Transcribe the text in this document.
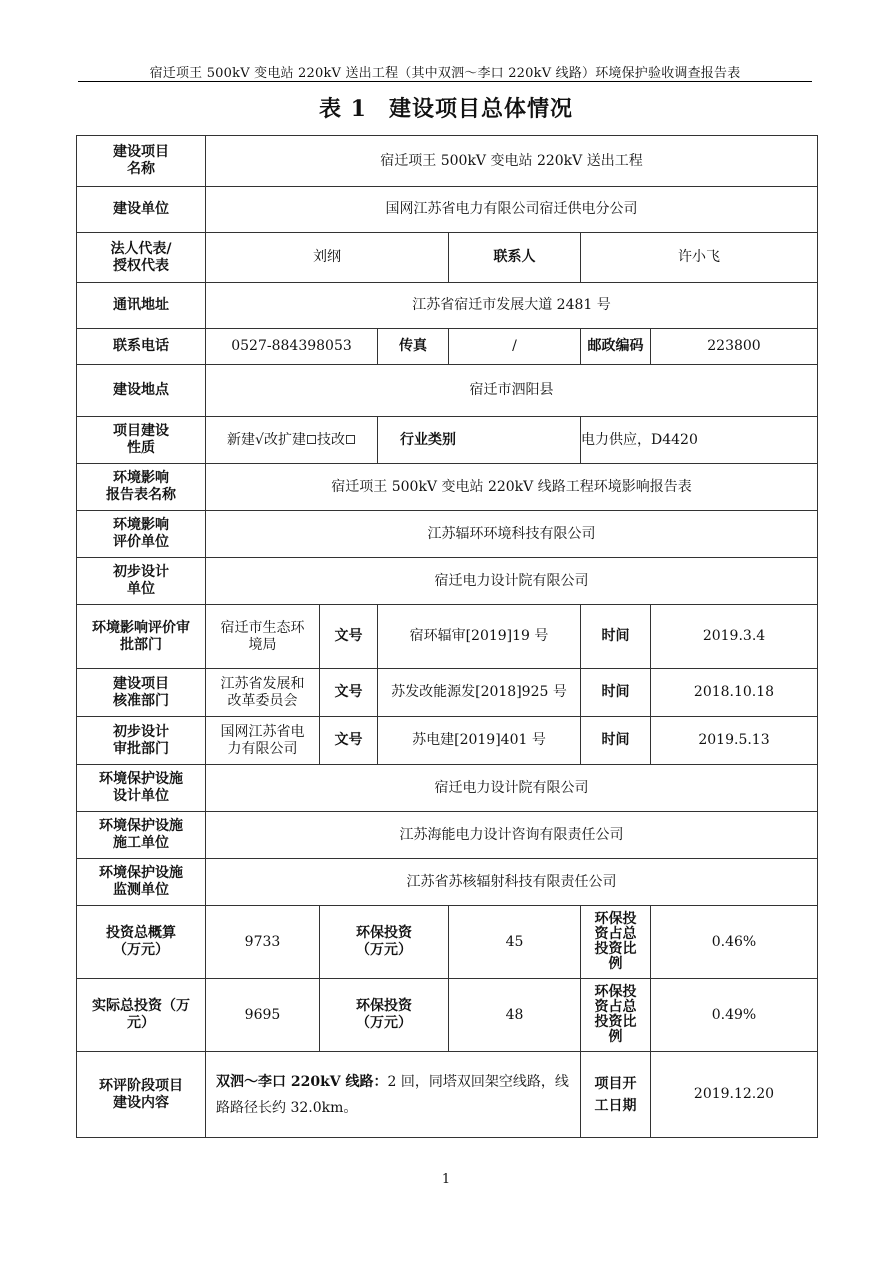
宿迁项王 500kV 变电站 220kV 送出工程（其中双泗～李口 220kV 线路）环境保护验收调查报告表
表 1 建设项目总体情况
建设项目
名称	宿迁项王 500kV 变电站 220kV 送出工程					
建设单位	国网江苏省电力有限公司宿迁供电分公司					
法人代表/
授权代表	刘纲			联系人	许小飞	
通讯地址	江苏省宿迁市发展大道 2481 号					
联系电话	0527-884398053		传真	/	邮政编码	223800
建设地点	宿迁市泗阳县					
项目建设
性质	新建√改扩建 技改		行业类别		电力供应，D4420	
环境影响
报告表名称	宿迁项王 500kV 变电站 220kV 线路工程环境影响报告表					
环境影响
评价单位	江苏辐环环境科技有限公司					
初步设计
单位	宿迁电力设计院有限公司					
环境影响评价审
批部门	宿迁市生态环
境局	文号	宿环辐审[2019]19 号		时间	2019.3.4
建设项目
核准部门	江苏省发展和
改革委员会	文号	苏发改能源发[2018]925 号		时间	2018.10.18
初步设计
审批部门	国网江苏省电
力有限公司	文号	苏电建[2019]401 号		时间	2019.5.13
环境保护设施
设计单位	宿迁电力设计院有限公司					
环境保护设施
施工单位	江苏海能电力设计咨询有限责任公司					
环境保护设施
监测单位	江苏省苏核辐射科技有限责任公司					
投资总概算
（万元）	9733	环保投资
（万元）		45	环保投
资占总
投资比
例	0.46%
实际总投资（万
元）	9695	环保投资
（万元）		48	环保投
资占总
投资比
例	0.49%
环评阶段项目
建设内容	双泗～李口 220kV 线路：2 回，同塔双回架空线路，线路路径长约 32.0km。				项目开
工日期	2019.12.20
1
